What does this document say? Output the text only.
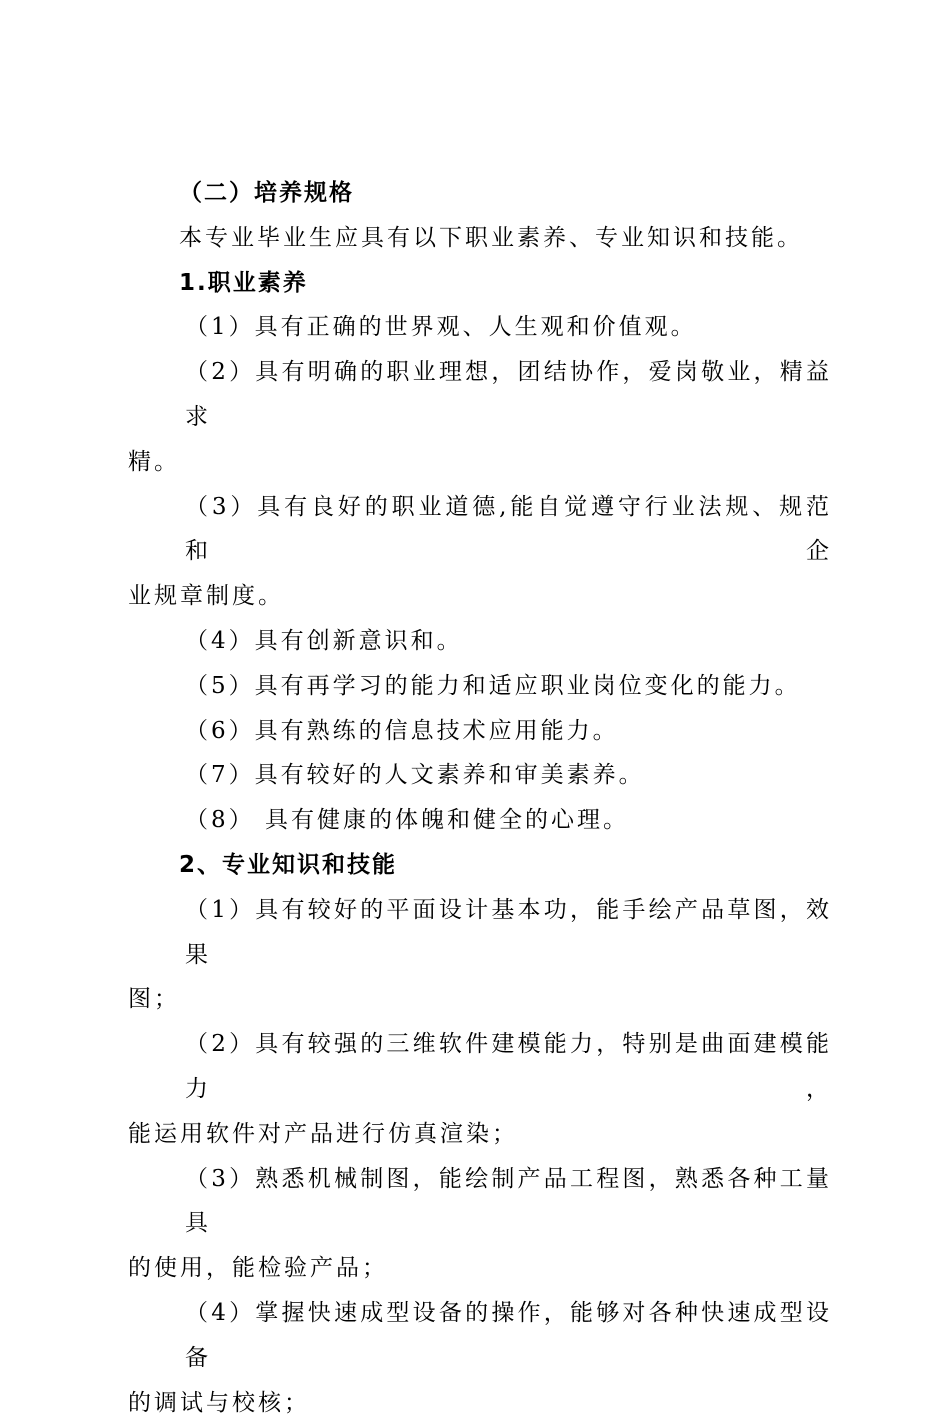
（二）培养规格
本专业毕业生应具有以下职业素养、专业知识和技能。
1.职业素养
（1）具有正确的世界观、人生观和价值观。
（2）具有明确的职业理想，团结协作，爱岗敬业，精益求
精。
（3）具有良好的职业道德,能自觉遵守行业法规、规范和企
业规章制度。
（4）具有创新意识和。
（5）具有再学习的能力和适应职业岗位变化的能力。
（6）具有熟练的信息技术应用能力。
（7）具有较好的人文素养和审美素养。
（8） 具有健康的体魄和健全的心理。
2、专业知识和技能
（1）具有较好的平面设计基本功，能手绘产品草图，效果
图；
（2）具有较强的三维软件建模能力，特别是曲面建模能力，
能运用软件对产品进行仿真渲染；
（3）熟悉机械制图，能绘制产品工程图，熟悉各种工量具
的使用，能检验产品；
（4）掌握快速成型设备的操作，能够对各种快速成型设备
的调试与校核；
